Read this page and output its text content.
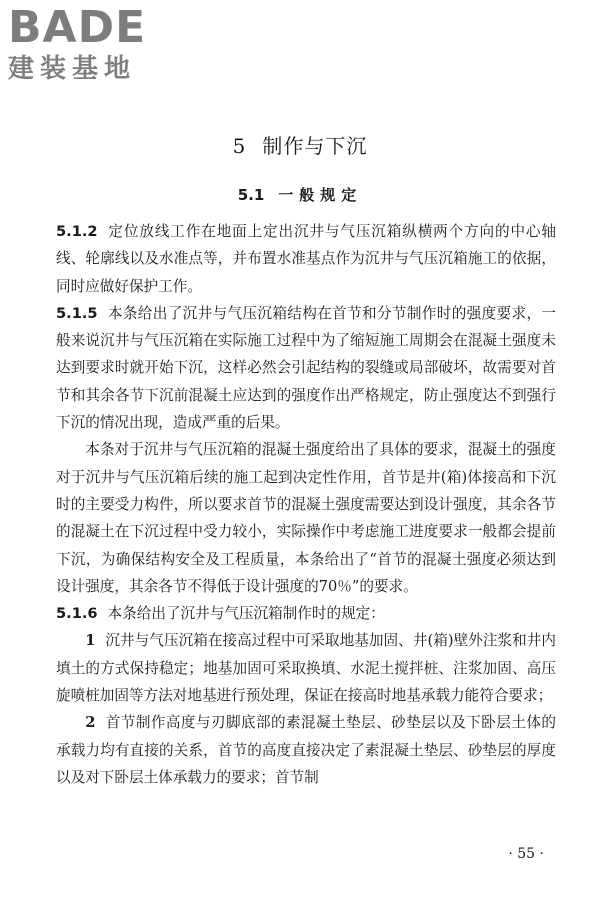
BADE
建装基地
5 制作与下沉
5.1 一般规定

5.1.2 定位放线工作在地面上定出沉井与气压沉箱纵横两个方向的中心轴线、轮廓线以及水准点等，并布置水准基点作为沉井与气压沉箱施工的依据，同时应做好保护工作。

5.1.5 本条给出了沉井与气压沉箱结构在首节和分节制作时的强度要求，一般来说沉井与气压沉箱在实际施工过程中为了缩短施工周期会在混凝土强度未达到要求时就开始下沉，这样必然会引起结构的裂缝或局部破坏，故需要对首节和其余各节下沉前混凝土应达到的强度作出严格规定，防止强度达不到强行下沉的情况出现，造成严重的后果。

本条对于沉井与气压沉箱的混凝土强度给出了具体的要求，混凝土的强度对于沉井与气压沉箱后续的施工起到决定性作用，首节是井(箱)体接高和下沉时的主要受力构件，所以要求首节的混凝土强度需要达到设计强度，其余各节的混凝土在下沉过程中受力较小，实际操作中考虑施工进度要求一般都会提前下沉，为确保结构安全及工程质量，本条给出了“首节的混凝土强度必须达到设计强度，其余各节不得低于设计强度的70％”的要求。

5.1.6 本条给出了沉井与气压沉箱制作时的规定：

1 沉井与气压沉箱在接高过程中可采取地基加固、井(箱)壁外注浆和井内填土的方式保持稳定；地基加固可采取换填、水泥土搅拌桩、注浆加固、高压旋喷桩加固等方法对地基进行预处理，保证在接高时地基承载力能符合要求；

2 首节制作高度与刃脚底部的素混凝土垫层、砂垫层以及下卧层土体的承载力均有直接的关系，首节的高度直接决定了素混凝土垫层、砂垫层的厚度以及对下卧层土体承载力的要求；首节制

· 55 ·
